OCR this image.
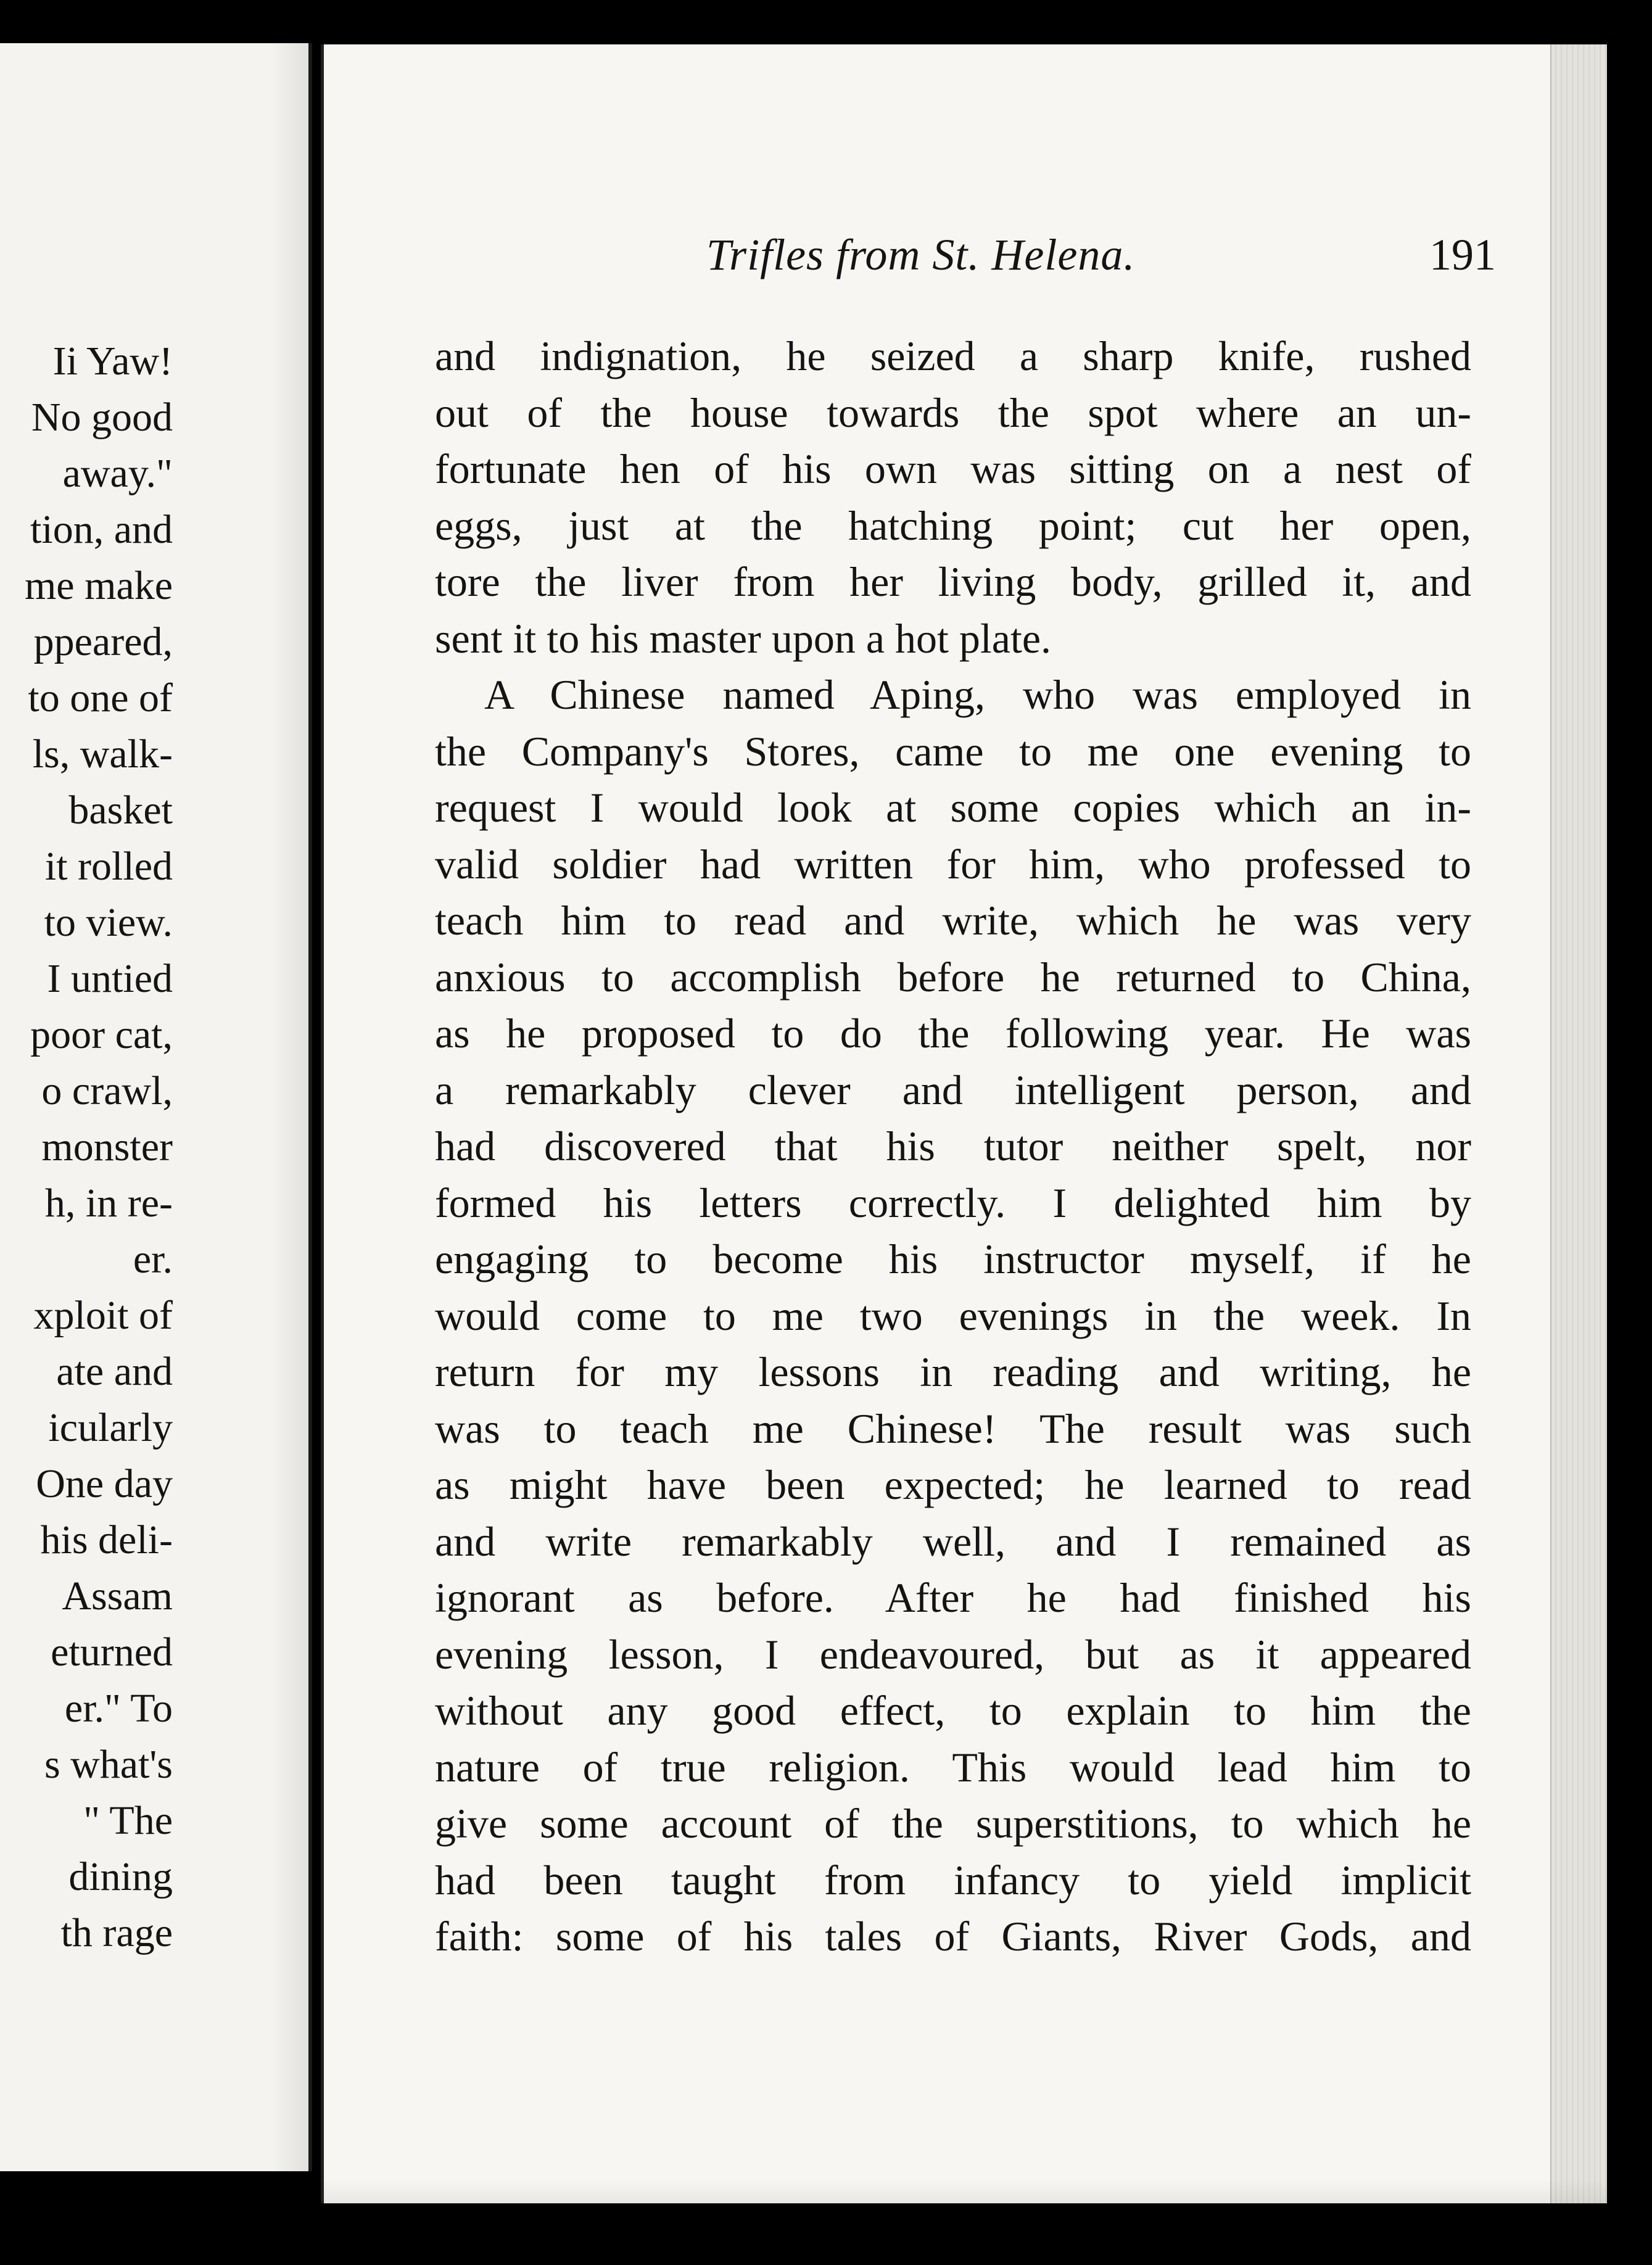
Ii Yaw!
No good
away."
tion, and
me make
ppeared,
to one of
ls, walk-
basket
it rolled
to view.
I untied
poor cat,
o crawl,
monster
h, in re-
er.
xploit of
ate and
icularly
One day
his deli-
Assam
eturned
er." To
s what's
" The
dining
th rage
Trifles from St. Helena.	191
and indignation, he seized a sharp knife, rushed
out of the house towards the spot where an un-
fortunate hen of his own was sitting on a nest of
eggs, just at the hatching point; cut her open,
tore the liver from her living body, grilled it, and
sent it to his master upon a hot plate.
A Chinese named Aping, who was employed in
the Company's Stores, came to me one evening to
request I would look at some copies which an in-
valid soldier had written for him, who professed to
teach him to read and write, which he was very
anxious to accomplish before he returned to China,
as he proposed to do the following year. He was
a remarkably clever and intelligent person, and
had discovered that his tutor neither spelt, nor
formed his letters correctly. I delighted him by
engaging to become his instructor myself, if he
would come to me two evenings in the week. In
return for my lessons in reading and writing, he
was to teach me Chinese! The result was such
as might have been expected; he learned to read
and write remarkably well, and I remained as
ignorant as before. After he had finished his
evening lesson, I endeavoured, but as it appeared
without any good effect, to explain to him the
nature of true religion. This would lead him to
give some account of the superstitions, to which he
had been taught from infancy to yield implicit
faith: some of his tales of Giants, River Gods, and
